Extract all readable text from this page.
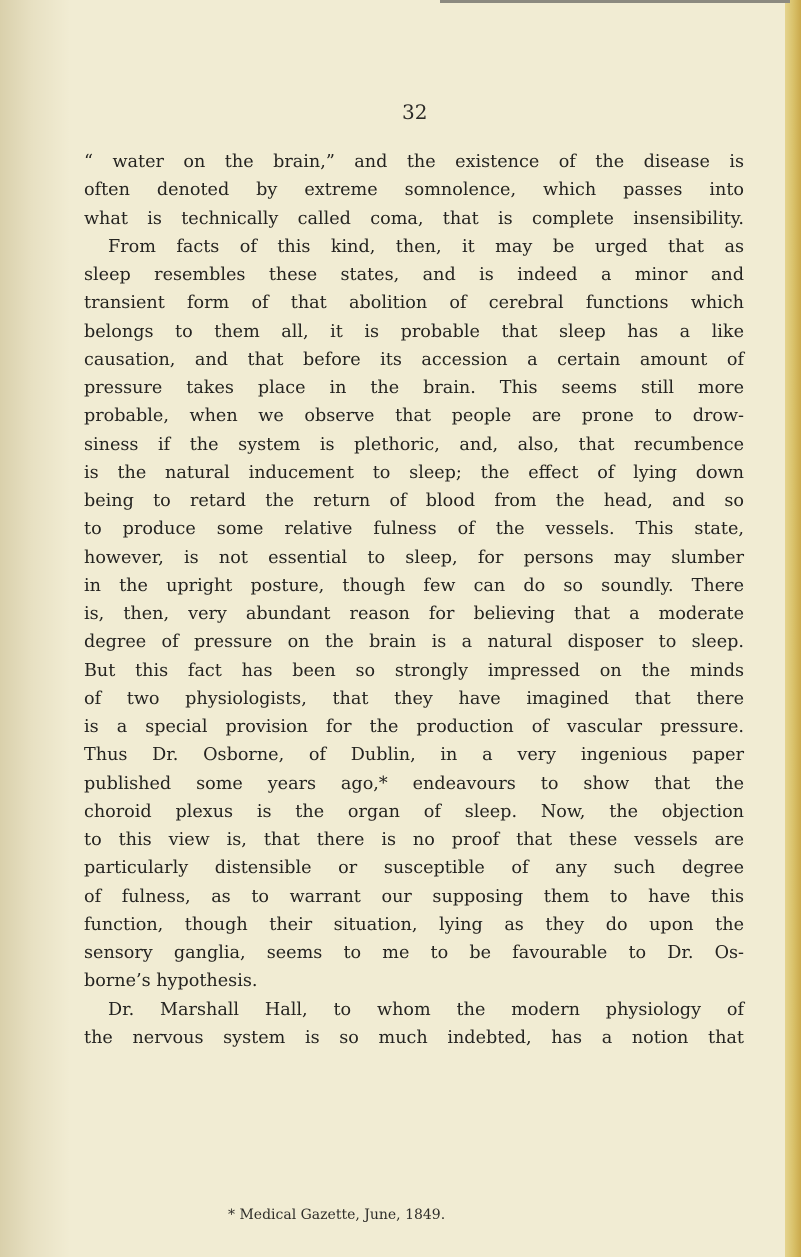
32
“ water on the brain,” and the existence of the disease is
often denoted by extreme somnolence, which passes into
what is technically called coma, that is complete insensibility.
From facts of this kind, then, it may be urged that as
sleep resembles these states, and is indeed a minor and
transient form of that abolition of cerebral functions which
belongs to them all, it is probable that sleep has a like
causation, and that before its accession a certain amount of
pressure takes place in the brain. This seems still more
probable, when we observe that people are prone to drow-
siness if the system is plethoric, and, also, that recumbence
is the natural inducement to sleep; the effect of lying down
being to retard the return of blood from the head, and so
to produce some relative fulness of the vessels. This state,
however, is not essential to sleep, for persons may slumber
in the upright posture, though few can do so soundly. There
is, then, very abundant reason for believing that a moderate
degree of pressure on the brain is a natural disposer to sleep.
But this fact has been so strongly impressed on the minds
of two physiologists, that they have imagined that there
is a special provision for the production of vascular pressure.
Thus Dr. Osborne, of Dublin, in a very ingenious paper
published some years ago,* endeavours to show that the
choroid plexus is the organ of sleep. Now, the objection
to this view is, that there is no proof that these vessels are
particularly distensible or susceptible of any such degree
of fulness, as to warrant our supposing them to have this
function, though their situation, lying as they do upon the
sensory ganglia, seems to me to be favourable to Dr. Os-
borne’s hypothesis.
Dr. Marshall Hall, to whom the modern physiology of
the nervous system is so much indebted, has a notion that
* Medical Gazette, June, 1849.
